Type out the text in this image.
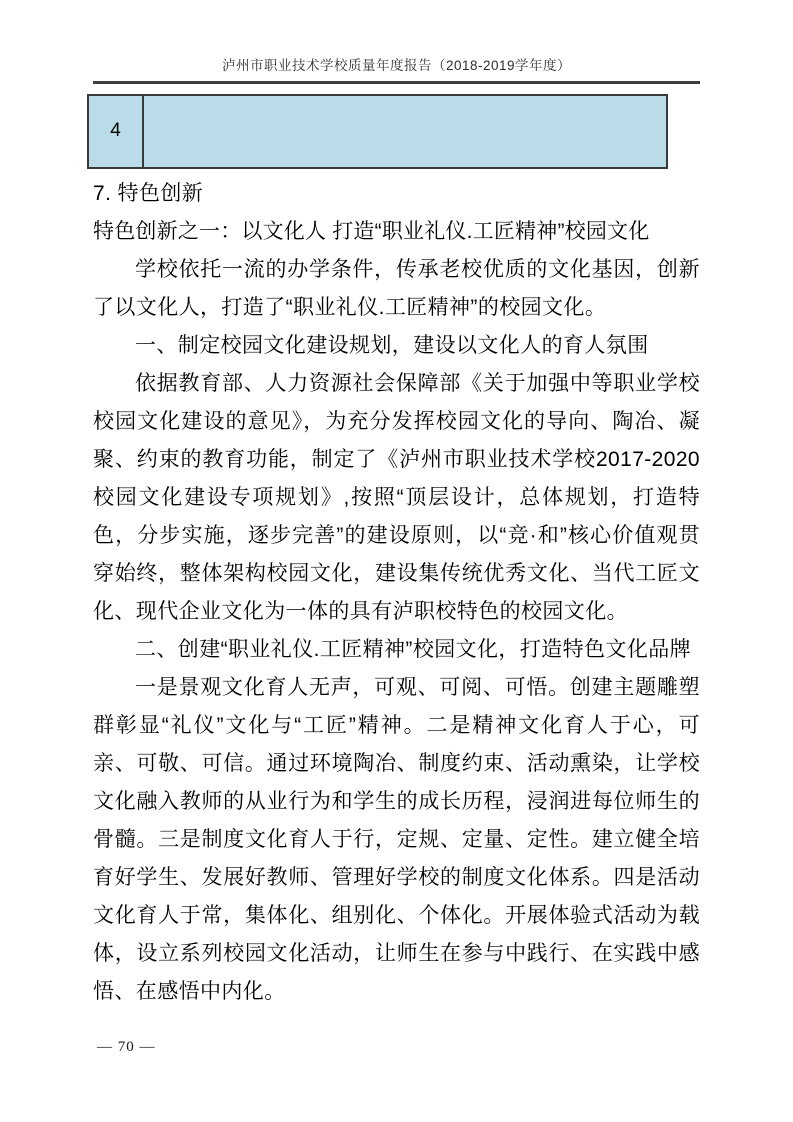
泸州市职业技术学校质量年度报告（2018-2019学年度）
4

7. 特色创新

特色创新之一：以文化人 打造“职业礼仪.工匠精神”校园文化

学校依托一流的办学条件，传承老校优质的文化基因，创新了以文化人，打造了“职业礼仪.工匠精神”的校园文化。

一、制定校园文化建设规划，建设以文化人的育人氛围

依据教育部、人力资源社会保障部《关于加强中等职业学校校园文化建设的意见》，为充分发挥校园文化的导向、陶冶、凝聚、约束的教育功能，制定了《泸州市职业技术学校2017-2020校园文化建设专项规划》,按照“顶层设计，总体规划，打造特色，分步实施，逐步完善”的建设原则，以“竞·和”核心价值观贯穿始终，整体架构校园文化，建设集传统优秀文化、当代工匠文化、现代企业文化为一体的具有泸职校特色的校园文化。

二、创建“职业礼仪.工匠精神”校园文化，打造特色文化品牌

一是景观文化育人无声，可观、可阅、可悟。创建主题雕塑群彰显“礼仪”文化与“工匠”精神。二是精神文化育人于心，可亲、可敬、可信。通过环境陶冶、制度约束、活动熏染，让学校文化融入教师的从业行为和学生的成长历程，浸润进每位师生的骨髓。三是制度文化育人于行，定规、定量、定性。建立健全培育好学生、发展好教师、管理好学校的制度文化体系。四是活动文化育人于常，集体化、组别化、个体化。开展体验式活动为载体，设立系列校园文化活动，让师生在参与中践行、在实践中感悟、在感悟中内化。

— 70 —
